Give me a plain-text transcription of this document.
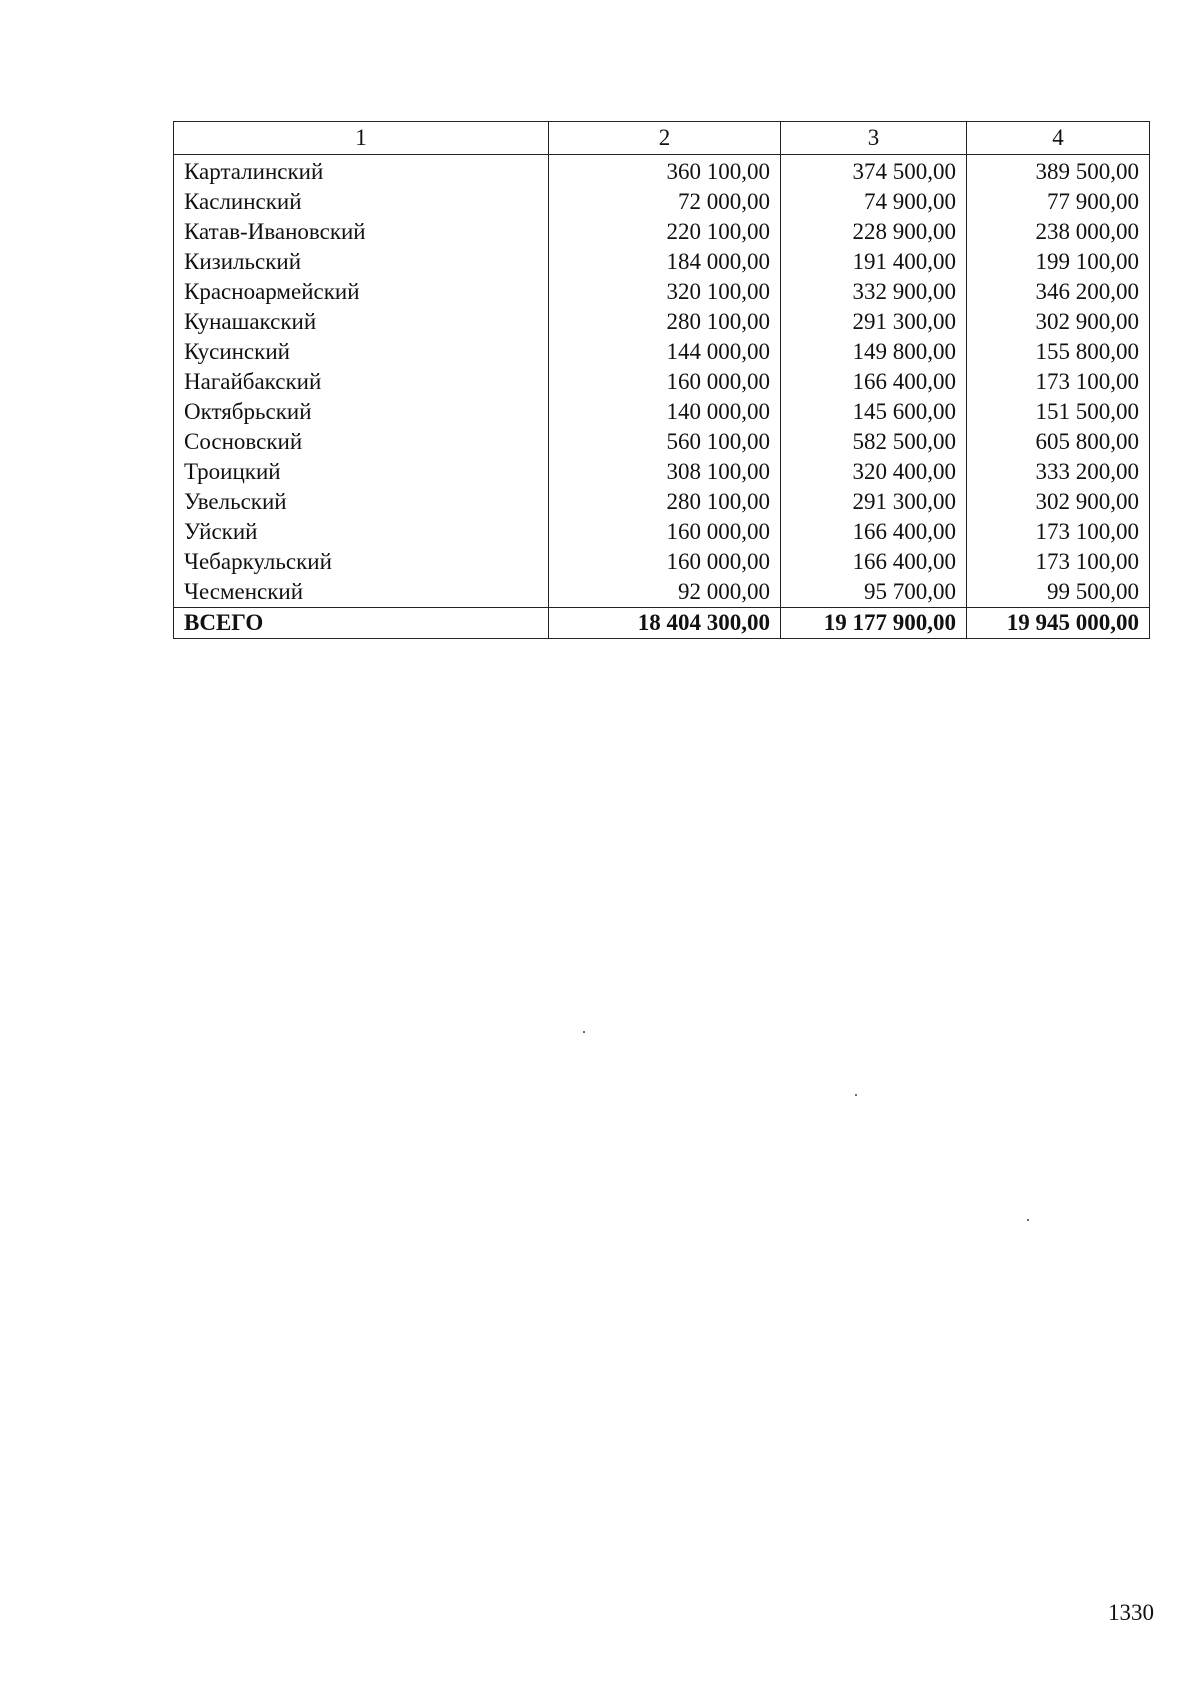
1	2	3	4
Карталинский	360 100,00	374 500,00	389 500,00
Каслинский	72 000,00	74 900,00	77 900,00
Катав-Ивановский	220 100,00	228 900,00	238 000,00
Кизильский	184 000,00	191 400,00	199 100,00
Красноармейский	320 100,00	332 900,00	346 200,00
Кунашакский	280 100,00	291 300,00	302 900,00
Кусинский	144 000,00	149 800,00	155 800,00
Нагайбакский	160 000,00	166 400,00	173 100,00
Октябрьский	140 000,00	145 600,00	151 500,00
Сосновский	560 100,00	582 500,00	605 800,00
Троицкий	308 100,00	320 400,00	333 200,00
Увельский	280 100,00	291 300,00	302 900,00
Уйский	160 000,00	166 400,00	173 100,00
Чебаркульский	160 000,00	166 400,00	173 100,00
Чесменский	92 000,00	95 700,00	99 500,00
ВСЕГО	18 404 300,00	19 177 900,00	19 945 000,00
1330
